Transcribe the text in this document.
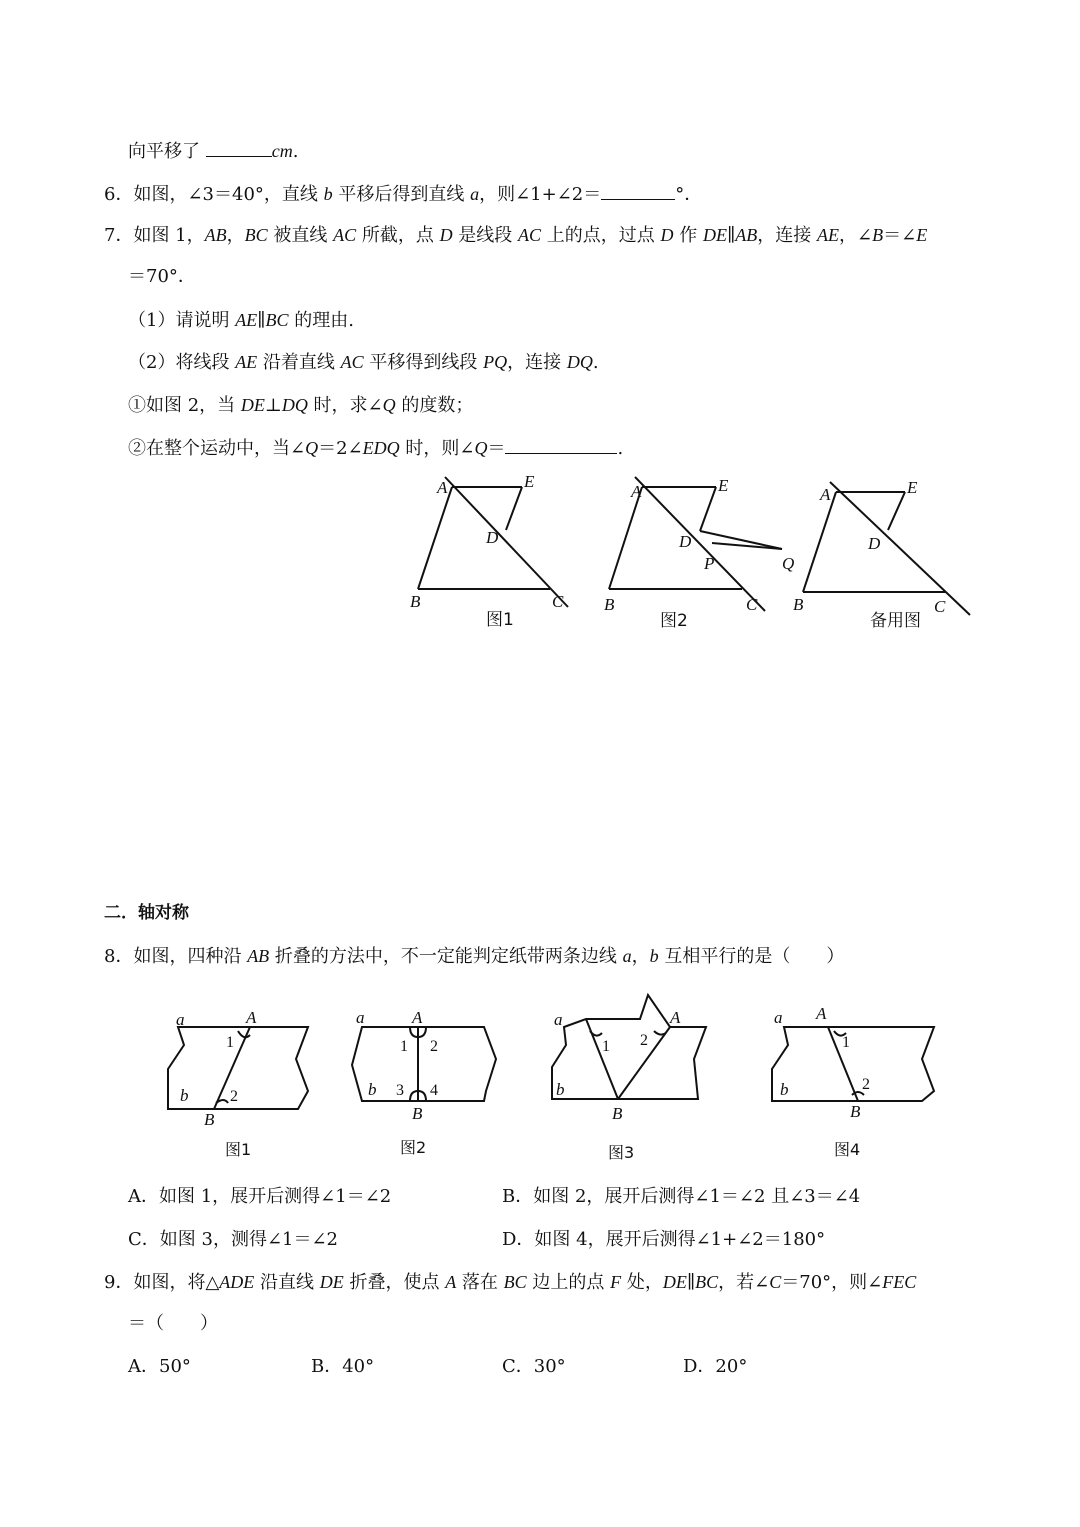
向平移了	cm.
6．如图，∠3＝40°，直线 b 平移后得到直线 a，则∠1+∠2＝	°．
7．如图 1，AB，BC 被直线 AC 所截，点 D 是线段 AC 上的点，过点 D 作 DE∥AB，连接 AE，∠B＝∠E
＝70°．
（1）请说明 AE∥BC 的理由.
（2）将线段 AE 沿着直线 AC 平移得到线段 PQ，连接 DQ.
①如图 2，当 DE⊥DQ 时，求∠Q 的度数；
②在整个运动中，当∠Q＝2∠EDQ 时，则∠Q＝	.
A	E
D
B	C
图1
A	E
D
P	Q
B	C
图2
A	E
D
B	C
备用图
二．轴对称
8．如图，四种沿 AB 折叠的方法中，不一定能判定纸带两条边线 a，b 互相平行的是（　　）
a	A
1
2
b
B
图1
a	A
1 2
3 4
b
B
图2
a	A
1 2
b
B
图3
a A
1
2
b
B
图4
A．如图 1，展开后测得∠1＝∠2	B．如图 2，展开后测得∠1＝∠2 且∠3＝∠4
C．如图 3，测得∠1＝∠2	D．如图 4，展开后测得∠1+∠2＝180°
9．如图，将△ADE 沿直线 DE 折叠，使点 A 落在 BC 边上的点 F 处，DE∥BC，若∠C＝70°，则∠FEC
＝（　　）
A．50°	B．40°	C．30°	D．20°
